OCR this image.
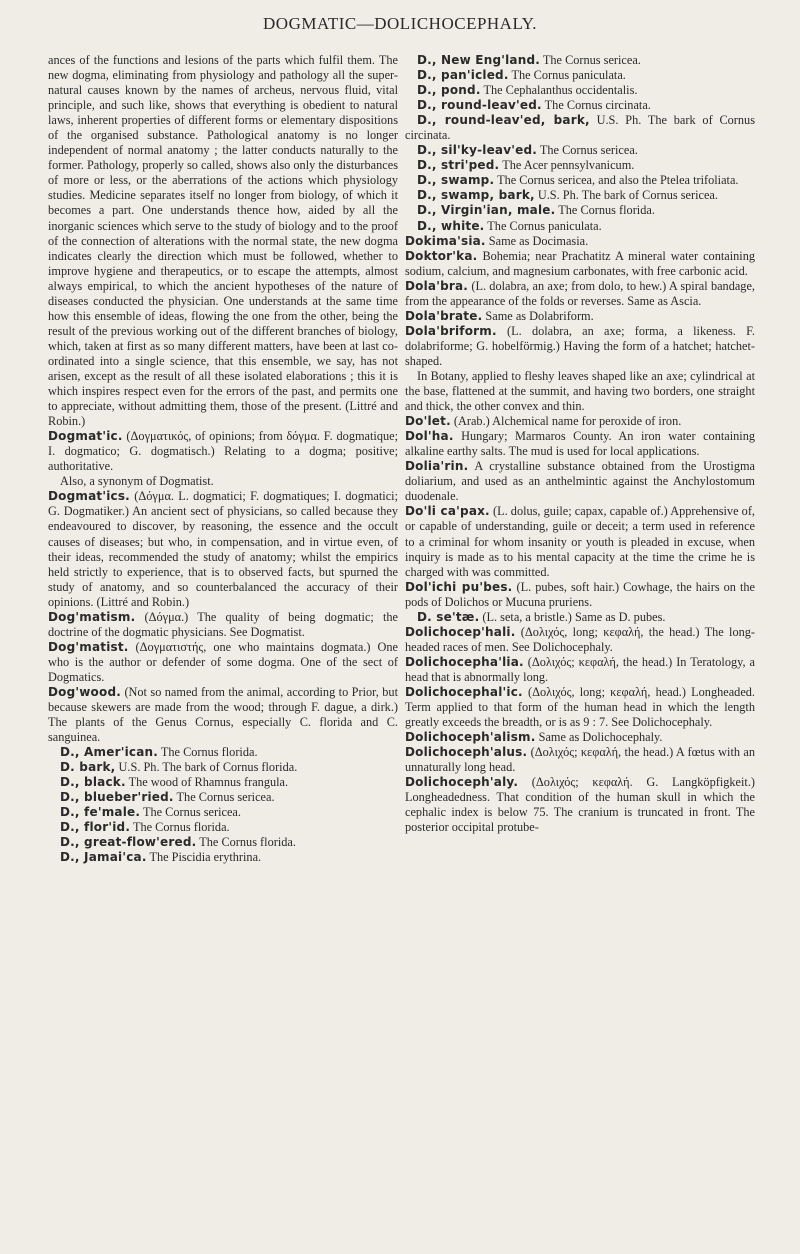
DOGMATIC—DOLICHOCEPHALY.

ances of the functions and lesions of the parts which fulfil them. The new dogma, eliminating from physiology and pathology all the super-natural causes known by the names of archeus, nervous fluid, vital principle, and such like, shows that everything is obedient to natural laws, inherent properties of different forms or elementary dispositions of the organised substance. Pathological anatomy is no longer independent of normal anatomy ; the latter conducts naturally to the former. Pathology, properly so called, shows also only the disturbances of more or less, or the aberrations of the actions which physiology studies. Medicine separates itself no longer from biology, of which it becomes a part. One understands thence how, aided by all the inorganic sciences which serve to the study of biology and to the proof of the connection of alterations with the normal state, the new dogma indicates clearly the direction which must be followed, whether to improve hygiene and therapeutics, or to escape the attempts, almost always empirical, to which the ancient hypotheses of the nature of diseases conducted the physician. One understands at the same time how this ensemble of ideas, flowing the one from the other, being the result of the previous working out of the different branches of biology, which, taken at first as so many different matters, have been at last co-ordinated into a single science, that this ensemble, we say, has not arisen, except as the result of all these isolated elaborations ; this it is which inspires respect even for the errors of the past, and permits one to appreciate, without admitting them, those of the present. (Littré and Robin.)

Dogmat'ic. (Δογματικός, of opinions; from δόγμα. F. dogmatique; I. dogmatico; G. dogmatisch.) Relating to a dogma; positive; authoritative.

Also, a synonym of Dogmatist.

Dogmat'ics. (Δόγμα. L. dogmatici; F. dogmatiques; I. dogmatici; G. Dogmatiker.) An ancient sect of physicians, so called because they endeavoured to discover, by reasoning, the essence and the occult causes of diseases; but who, in compensation, and in virtue even, of their ideas, recommended the study of anatomy; whilst the empirics held strictly to experience, that is to observed facts, but spurned the study of anatomy, and so counterbalanced the accuracy of their opinions. (Littré and Robin.)

Dog'matism. (Δόγμα.) The quality of being dogmatic; the doctrine of the dogmatic physicians. See Dogmatist.

Dog'matist. (Δογματιστής, one who maintains dogmata.) One who is the author or defender of some dogma. One of the sect of Dogmatics.

Dog'wood. (Not so named from the animal, according to Prior, but because skewers are made from the wood; through F. dague, a dirk.) The plants of the Genus Cornus, especially C. florida and C. sanguinea.

D., Amer'ican. The Cornus florida.

D. bark, U.S. Ph. The bark of Cornus florida.

D., black. The wood of Rhamnus frangula.

D., blueber'ried. The Cornus sericea.

D., fe'male. The Cornus sericea.

D., flor'id. The Cornus florida.

D., great-flow'ered. The Cornus florida.

D., Jamai'ca. The Piscidia erythrina.

D., New Eng'land. The Cornus sericea.

D., pan'icled. The Cornus paniculata.

D., pond. The Cephalanthus occidentalis.

D., round-leav'ed. The Cornus circinata.

D., round-leav'ed, bark, U.S. Ph. The bark of Cornus circinata.

D., sil'ky-leav'ed. The Cornus sericea.

D., stri'ped. The Acer pennsylvanicum.

D., swamp. The Cornus sericea, and also the Ptelea trifoliata.

D., swamp, bark, U.S. Ph. The bark of Cornus sericea.

D., Virgin'ian, male. The Cornus florida.

D., white. The Cornus paniculata.

Dokima'sia. Same as Docimasia.

Doktor'ka. Bohemia; near Prachatitz A mineral water containing sodium, calcium, and magnesium carbonates, with free carbonic acid.

Dola'bra. (L. dolabra, an axe; from dolo, to hew.) A spiral bandage, from the appearance of the folds or reverses. Same as Ascia.

Dola'brate. Same as Dolabriform.

Dola'briform. (L. dolabra, an axe; forma, a likeness. F. dolabriforme; G. hobelförmig.) Having the form of a hatchet; hatchet-shaped.

In Botany, applied to fleshy leaves shaped like an axe; cylindrical at the base, flattened at the summit, and having two borders, one straight and thick, the other convex and thin.

Do'let. (Arab.) Alchemical name for peroxide of iron.

Dol'ha. Hungary; Marmaros County. An iron water containing alkaline earthy salts. The mud is used for local applications.

Dolia'rin. A crystalline substance obtained from the Urostigma doliarium, and used as an anthelmintic against the Anchylostomum duodenale.

Do'li ca'pax. (L. dolus, guile; capax, capable of.) Apprehensive of, or capable of understanding, guile or deceit; a term used in reference to a criminal for whom insanity or youth is pleaded in excuse, when inquiry is made as to his mental capacity at the time the crime he is charged with was committed.

Dol'ichi pu'bes. (L. pubes, soft hair.) Cowhage, the hairs on the pods of Dolichos or Mucuna pruriens.

D. se'tæ. (L. seta, a bristle.) Same as D. pubes.

Dolichocep'hali. (Δολιχός, long; κεφαλή, the head.) The long-headed races of men. See Dolichocephaly.

Dolichocepha'lia. (Δολιχός; κεφαλή, the head.) In Teratology, a head that is abnormally long.

Dolichocephal'ic. (Δολιχός, long; κεφαλή, head.) Longheaded. Term applied to that form of the human head in which the length greatly exceeds the breadth, or is as 9 : 7. See Dolichocephaly.

Dolichoceph'alism. Same as Dolichocephaly.

Dolichoceph'alus. (Δολιχός; κεφαλή, the head.) A fœtus with an unnaturally long head.

Dolichoceph'aly. (Δολιχός; κεφαλή. G. Langköpfigkeit.) Longheadedness. That condition of the human skull in which the cephalic index is below 75. The cranium is truncated in front. The posterior occipital protube-
